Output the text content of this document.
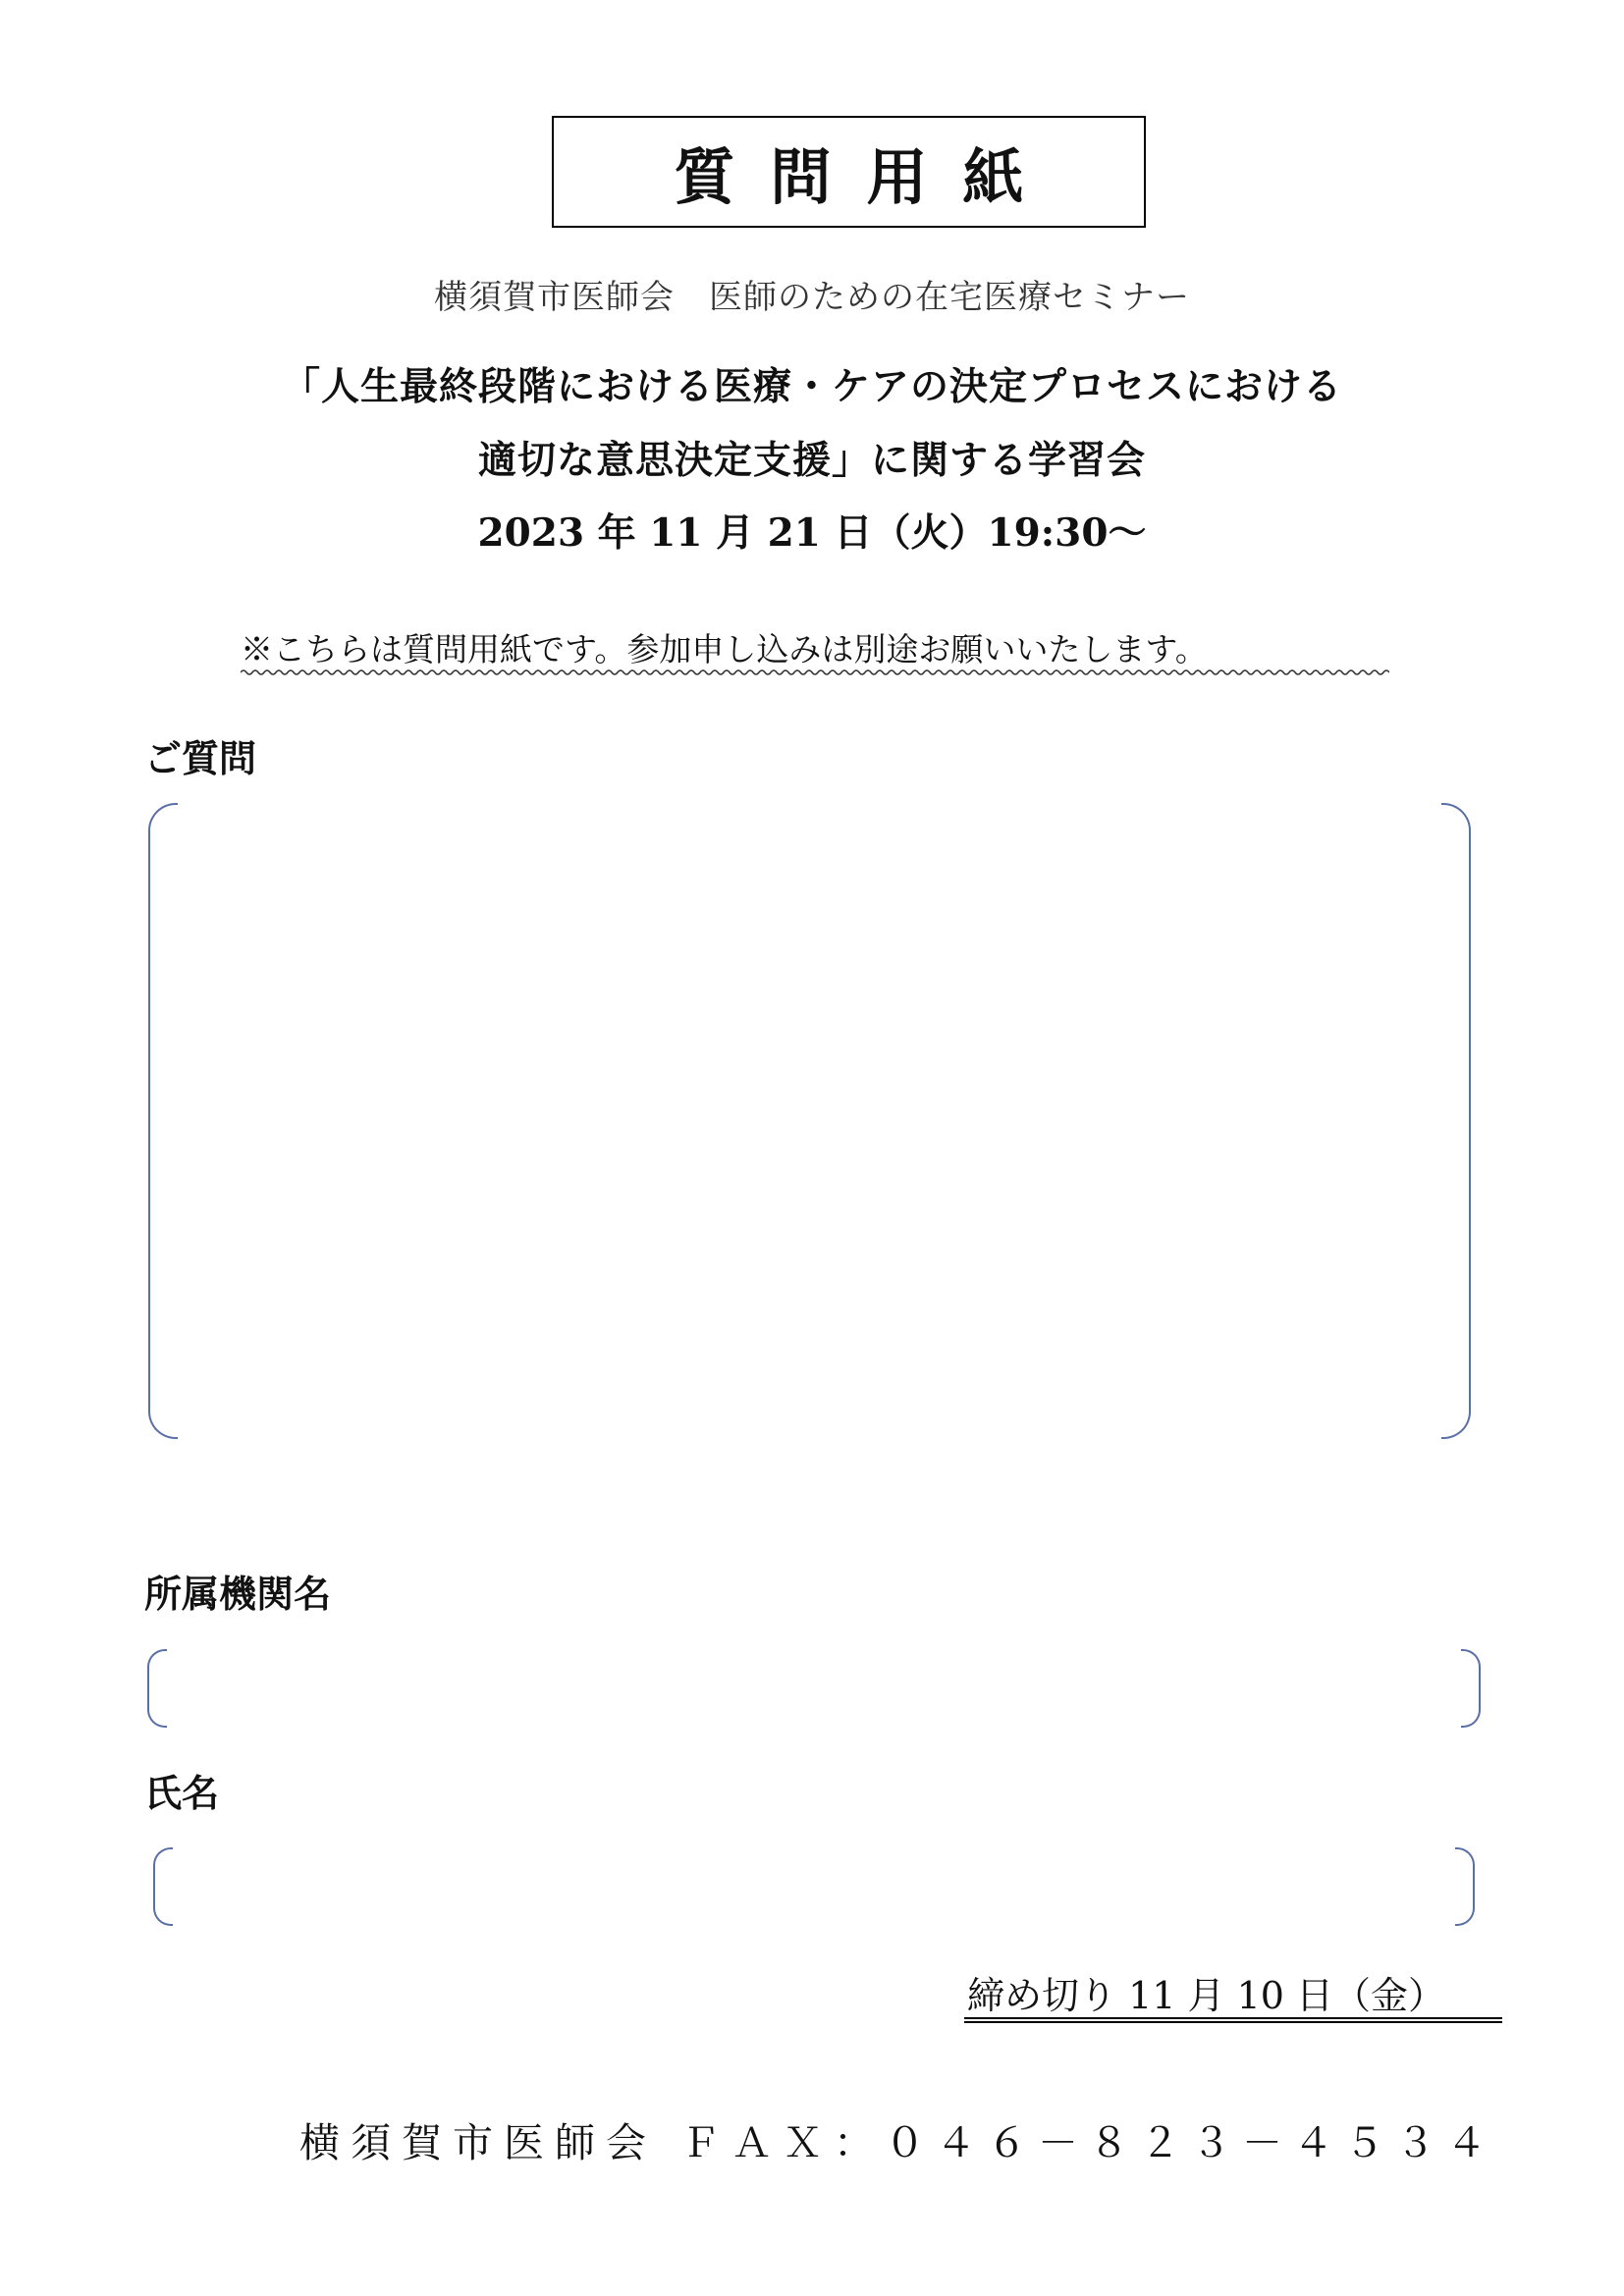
質問用紙
横須賀市医師会　医師のための在宅医療セミナー
「人生最終段階における医療・ケアの決定プロセスにおける
適切な意思決定支援」に関する学習会
2023 年 11 月 21 日（火）19:30～
※こちらは質問用紙です。参加申し込みは別途お願いいたします。
ご質問
所属機関名
氏名
締め切り 11 月 10 日（金）
横須賀市医師会 ＦＡＸ：０４６－８２３－４５３４
